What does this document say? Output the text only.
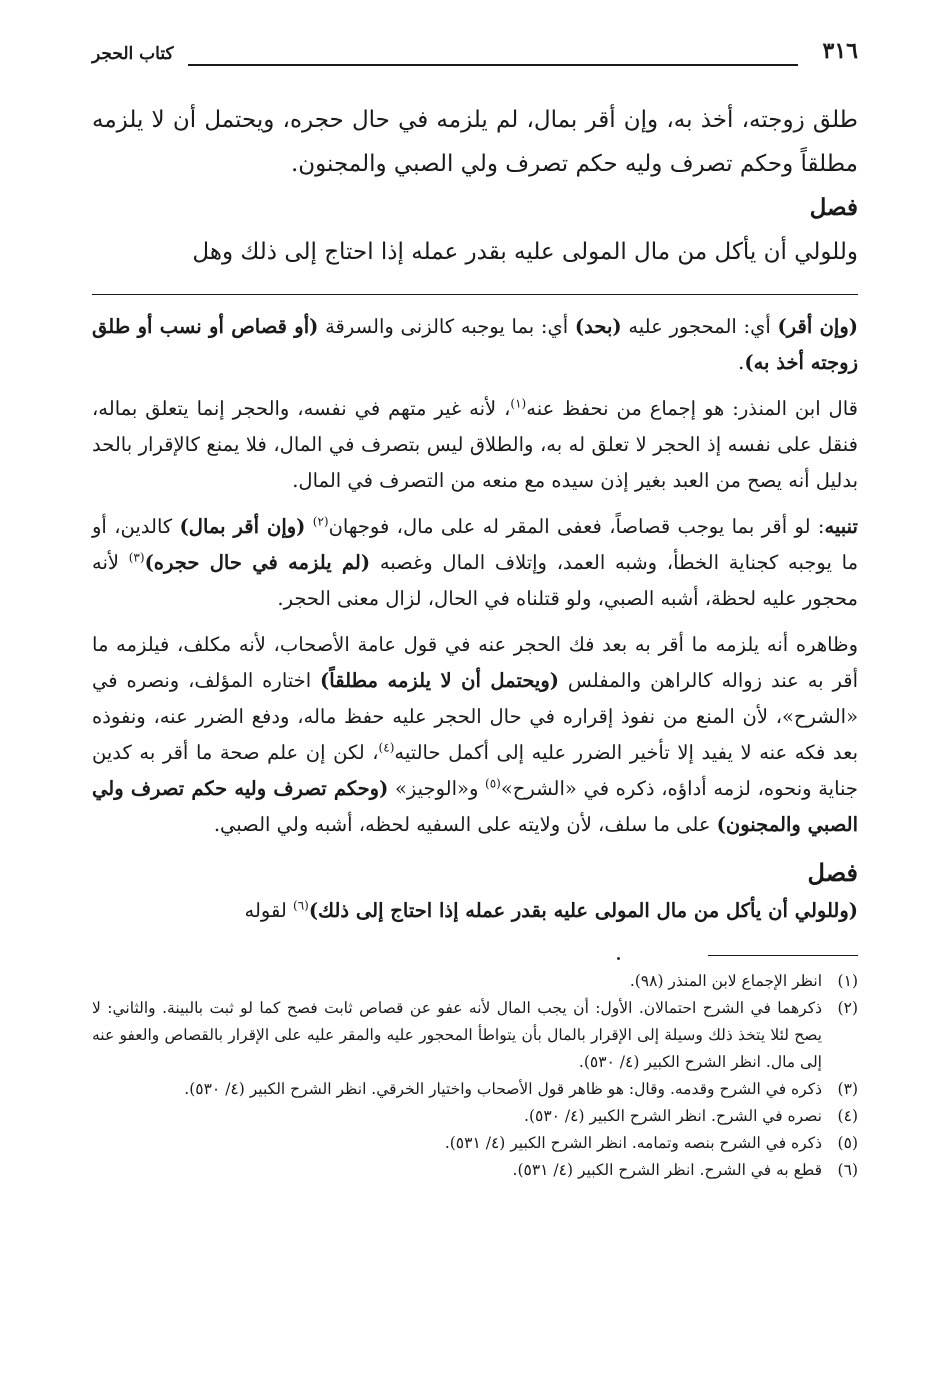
٣١٦
كتاب الحجر

طلق زوجته، أخذ به، وإن أقر بمال، لم يلزمه في حال حجره، ويحتمل أن لا يلزمه مطلقاً وحكم تصرف وليه حكم تصرف ولي الصبي والمجنون.

فصل

وللولي أن يأكل من مال المولى عليه بقدر عمله إذا احتاج إلى ذلك وهل

(وإن أقر) أي: المحجور عليه (بحد) أي: بما يوجبه كالزنى والسرقة (أو قصاص أو نسب أو طلق زوجته أخذ به).

قال ابن المنذر: هو إجماع من نحفظ عنه$^{(١)}$، لأنه غير متهم في نفسه، والحجر إنما يتعلق بماله، فنقل على نفسه إذ الحجر لا تعلق له به، والطلاق ليس بتصرف في المال، فلا يمنع كالإقرار بالحد بدليل أنه يصح من العبد بغير إذن سيده مع منعه من التصرف في المال.

تنبيه: لو أقر بما يوجب قصاصاً، فعفى المقر له على مال، فوجهان$^{(٢)}$ (وإن أقر بمال) كالدين، أو ما يوجبه كجناية الخطأ، وشبه العمد، وإتلاف المال وغصبه (لم يلزمه في حال حجره)$^{(٣)}$ لأنه محجور عليه لحظة، أشبه الصبي، ولو قتلناه في الحال، لزال معنى الحجر.

وظاهره أنه يلزمه ما أقر به بعد فك الحجر عنه في قول عامة الأصحاب، لأنه مكلف، فيلزمه ما أقر به عند زواله كالراهن والمفلس (ويحتمل أن لا يلزمه مطلقاً) اختاره المؤلف، ونصره في «الشرح»، لأن المنع من نفوذ إقراره في حال الحجر عليه حفظ ماله، ودفع الضرر عنه، ونفوذه بعد فكه عنه لا يفيد إلا تأخير الضرر عليه إلى أكمل حالتيه$^{(٤)}$، لكن إن علم صحة ما أقر به كدين جناية ونحوه، لزمه أداؤه، ذكره في «الشرح»$^{(٥)}$ و«الوجيز» (وحكم تصرف وليه حكم تصرف ولي الصبي والمجنون) على ما سلف، لأن ولايته على السفيه لحظه، أشبه ولي الصبي.

فصل

(وللولي أن يأكل من مال المولى عليه بقدر عمله إذا احتاج إلى ذلك)$^{(٦)}$ لقوله

(١)
انظر الإجماع لابن المنذر (٩٨).
(٢)
ذكرهما في الشرح احتمالان. الأول: أن يجب المال لأنه عفو عن قصاص ثابت فصح كما لو ثبت بالبينة. والثاني: لا يصح لئلا يتخذ ذلك وسيلة إلى الإقرار بالمال بأن يتواطأ المحجور عليه والمقر عليه على الإقرار بالقصاص والعفو عنه إلى مال. انظر الشرح الكبير (٤/ ٥٣٠).
(٣)
ذكره في الشرح وقدمه. وقال: هو ظاهر قول الأصحاب واختيار الخرقي. انظر الشرح الكبير (٤/ ٥٣٠).
(٤)
نصره في الشرح. انظر الشرح الكبير (٤/ ٥٣٠).
(٥)
ذكره في الشرح بنصه وتمامه. انظر الشرح الكبير (٤/ ٥٣١).
(٦)
قطع به في الشرح. انظر الشرح الكبير (٤/ ٥٣١).
